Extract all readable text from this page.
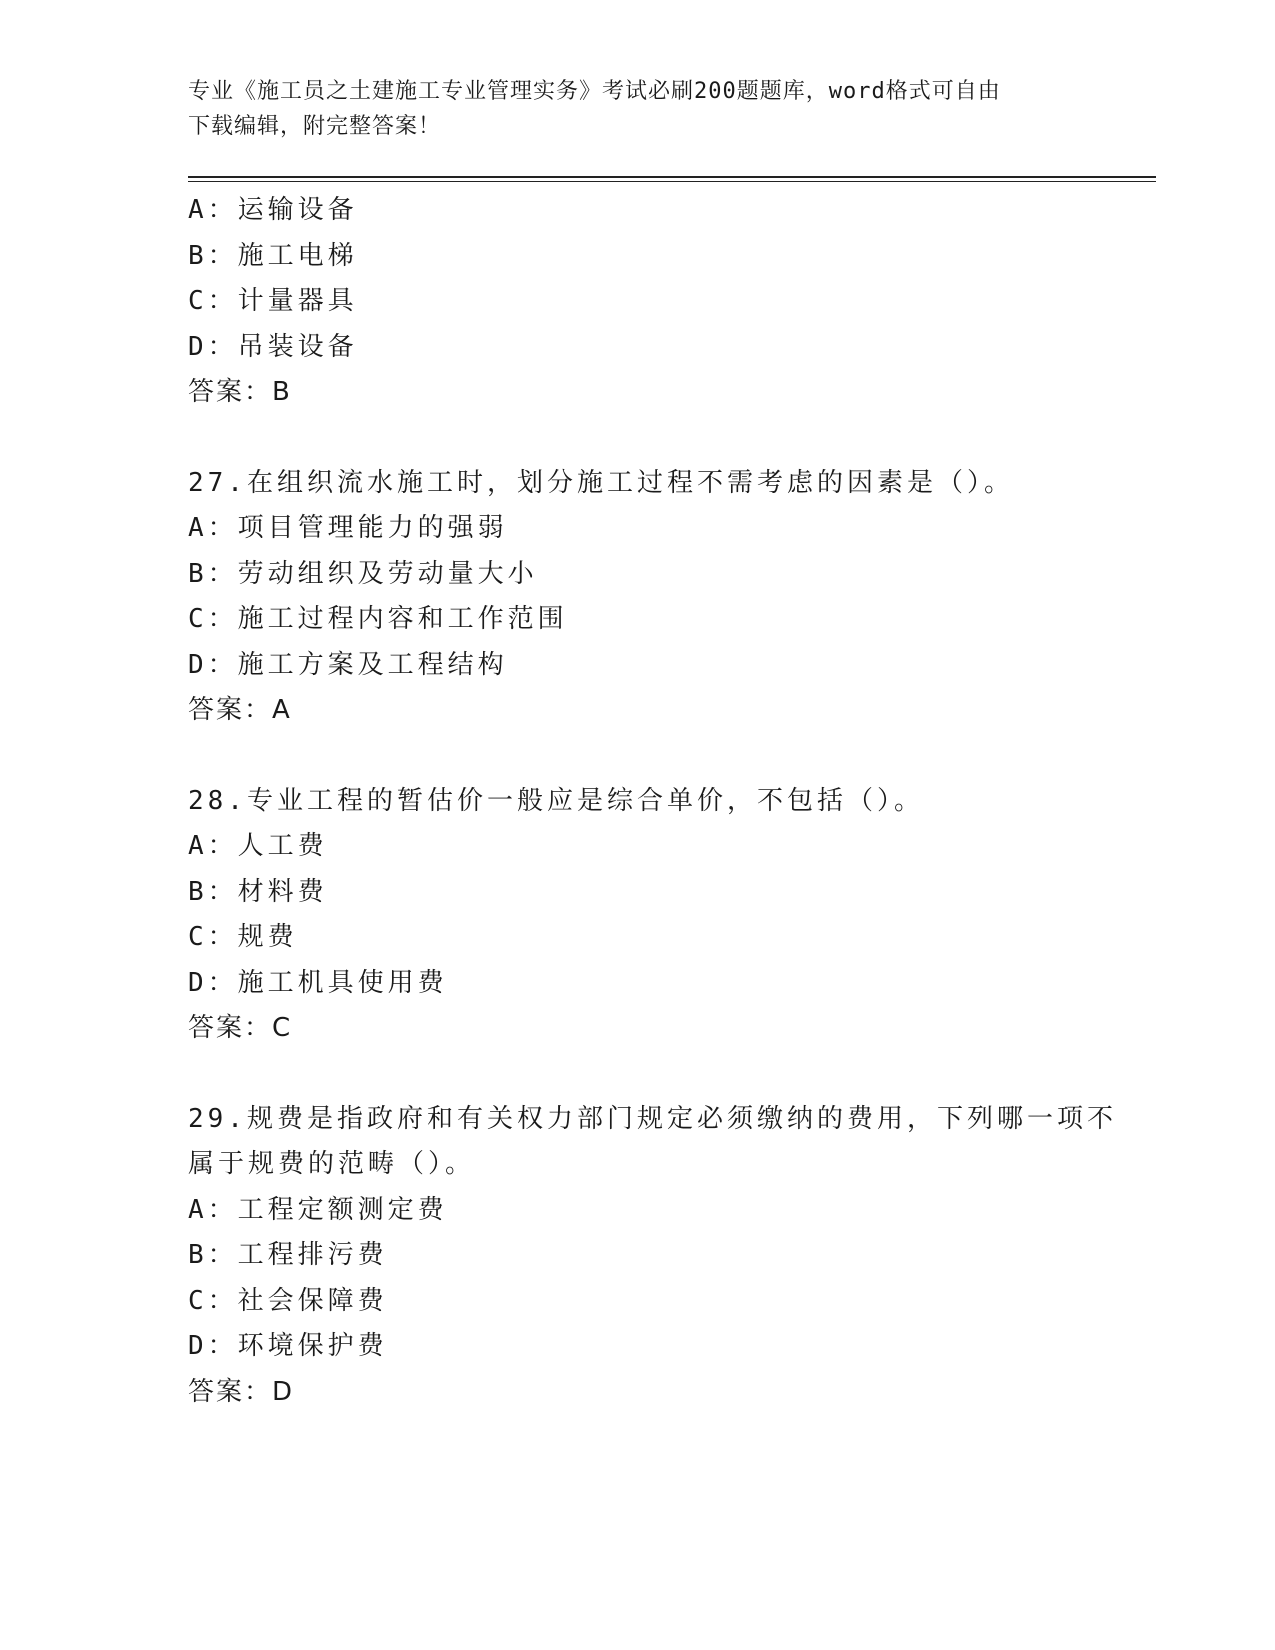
专业《施工员之土建施工专业管理实务》考试必刷200题题库，word格式可自由
下载编辑，附完整答案！
A：运输设备
B：施工电梯
C：计量器具
D：吊装设备
答案：B
27.在组织流水施工时，划分施工过程不需考虑的因素是（）。
A：项目管理能力的强弱
B：劳动组织及劳动量大小
C：施工过程内容和工作范围
D：施工方案及工程结构
答案：A
28.专业工程的暂估价一般应是综合单价，不包括（）。
A：人工费
B：材料费
C：规费
D：施工机具使用费
答案：C
29.规费是指政府和有关权力部门规定必须缴纳的费用，下列哪一项不
属于规费的范畴（）。
A：工程定额测定费
B：工程排污费
C：社会保障费
D：环境保护费
答案：D
